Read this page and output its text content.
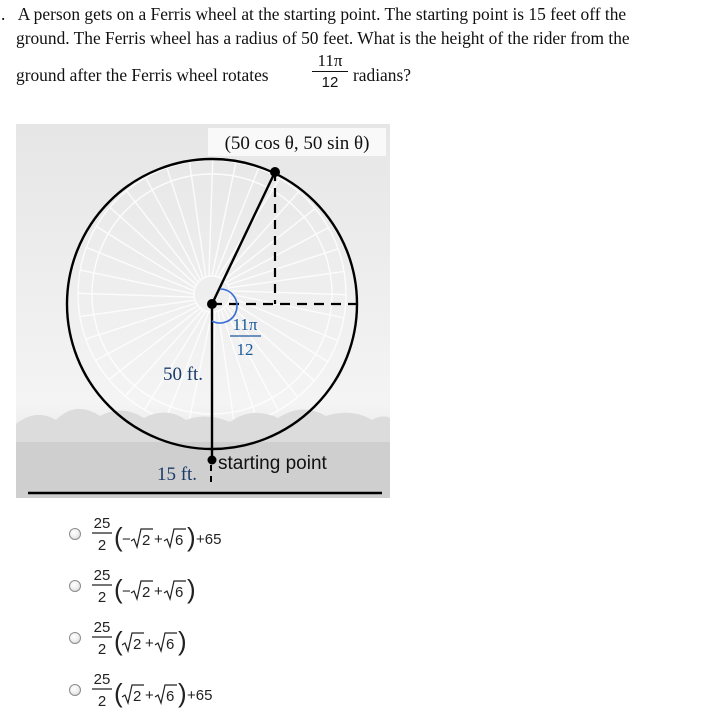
. A person gets on a Ferris wheel at the starting point. The starting point is 15 feet off the
ground. The Ferris wheel has a radius of 50 feet. What is the height of the rider from the
ground after the Ferris wheel rotates
11π
12 radians?
(50 cos θ, 50 sin θ)
11π
12
50 ft.
starting point
15 ft.
25
2 ( − 2 + 6 ) +65
25
2 ( − 2 + 6 )
25
2 ( 2 + 6 )
25
2 ( 2 + 6 ) +65
